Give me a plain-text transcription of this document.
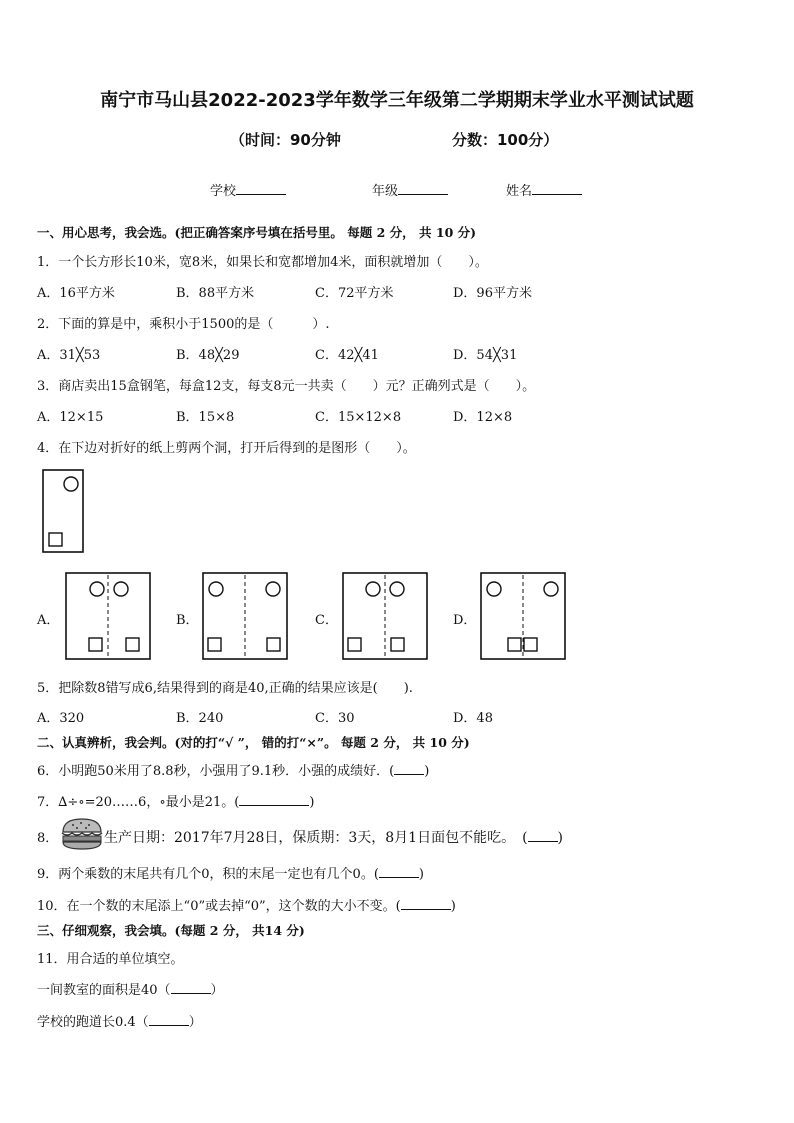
南宁市马山县2022-2023学年数学三年级第二学期期末学业水平测试试题
（时间：90分钟	分数：100分）
学校	年级	姓名
一、用心思考，我会选。(把正确答案序号填在括号里。 每题 2 分， 共 10 分)
1．一个长方形长10米，宽8米，如果长和宽都增加4米，面积就增加（　　）。
A．16平方米	B．88平方米	C．72平方米	D．96平方米
2．下面的算是中，乘积小于1500的是（　　　）.
A．31╳53	B．48╳29	C．42╳41	D．54╳31
3．商店卖出15盒钢笔，每盒12支，每支8元一共卖（　　）元？正确列式是（　　）。
A．12×15	B．15×8	C．15×12×8	D．12×8
4．在下边对折好的纸上剪两个洞，打开后得到的是图形（　　）。
A．	B．	C．	D．
5．把除数8错写成6,结果得到的商是40,正确的结果应该是(　　).
A．320	B．240	C．30	D．48
二、认真辨析，我会判。(对的打“√ ”， 错的打“×”。 每题 2 分， 共 10 分)
6．小明跑50米用了8.8秒，小强用了9.1秒．小强的成绩好．( )
7．∆÷∘=20……6，∘最小是21。(	)
8．	生产日期：2017年7月28日，保质期：3天，8月1日面包不能吃。　( )
9．两个乘数的末尾共有几个0，积的末尾一定也有几个0。(	)
10．在一个数的末尾添上“0”或去掉“0”，这个数的大小不变。(	)
三、仔细观察，我会填。(每题 2 分， 共14 分)
11．用合适的单位填空。
一间教室的面积是40（	）
学校的跑道长0.4（	）
